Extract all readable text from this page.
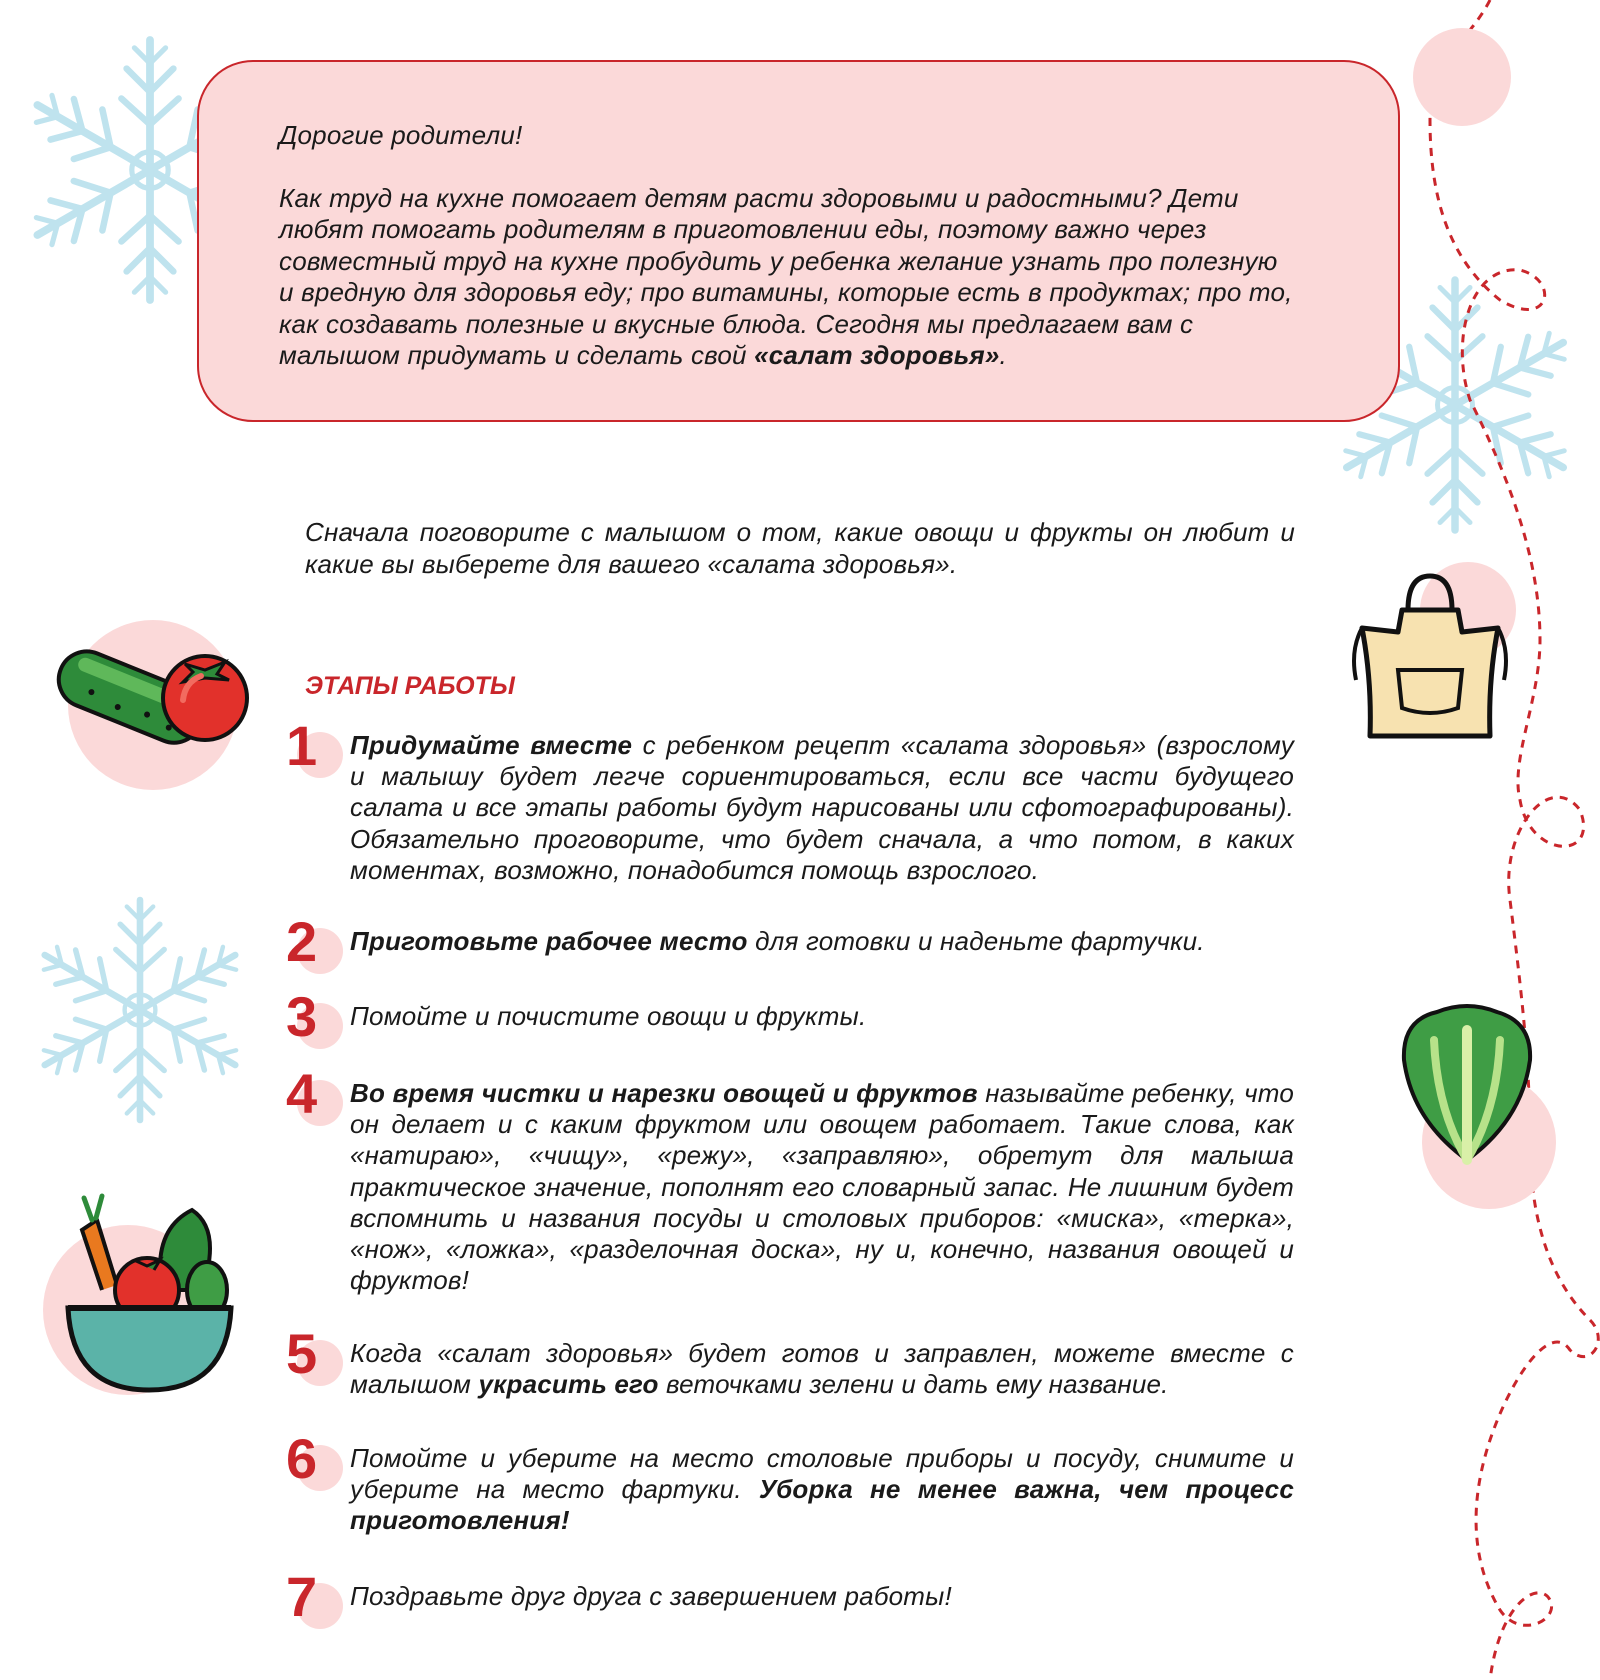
Дорогие родители!

Как труд на кухне помогает детям расти здоровыми и радостными? Дети любят помогать родителям в приготовлении еды, поэтому важно через совместный труд на кухне пробудить у ребенка желание узнать про полезную и вредную для здоровья еду; про витамины, которые есть в продуктах; про то, как создавать полезные и вкусные блюда. Сегодня мы предлагаем вам с малышом придумать и сделать свой «салат здоровья».

Сначала поговорите с малышом о том, какие овощи и фрукты он любит и какие вы выберете для вашего «салата здоровья».

ЭТАПЫ РАБОТЫ
1	Придумайте вместе с ребенком рецепт «салата здоровья» (взрослому и малышу будет легче сориентироваться, если все части будущего салата и все этапы работы будут нарисованы или сфотографированы). Обязательно проговорите, что будет сначала, а что потом, в каких моментах, возможно, понадобится помощь взрослого.

2	Приготовьте рабочее место для готовки и наденьте фартучки.

3	Помойте и почистите овощи и фрукты.

4	Во время чистки и нарезки овощей и фруктов называйте ребенку, что он делает и с каким фруктом или овощем работает. Такие слова, как «натираю», «чищу», «режу», «заправляю», обретут для малыша практическое значение, пополнят его словарный запас. Не лишним будет вспомнить и названия посуды и столовых приборов: «миска», «терка», «нож», «ложка», «разделочная доска», ну и, конечно, названия овощей и фруктов!

5	Когда «салат здоровья» будет готов и заправлен, можете вместе с малышом украсить его веточками зелени и дать ему название.

6	Помойте и уберите на место столовые приборы и посуду, снимите и уберите на место фартуки. Уборка не менее важна, чем процесс приготовления!

7	Поздравьте друг друга с завершением работы!
